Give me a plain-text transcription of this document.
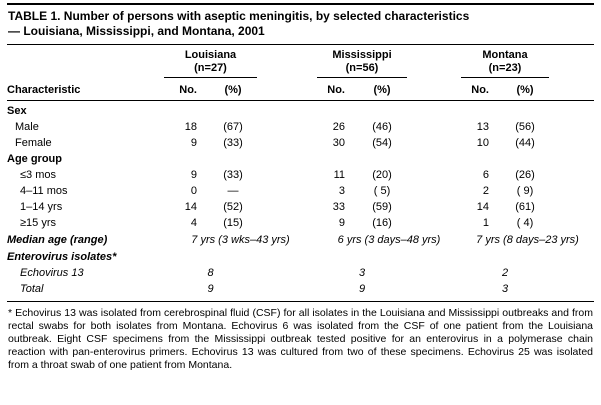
TABLE 1. Number of persons with aseptic meningitis, by selected characteristics
— Louisiana, Mississippi, and Montana, 2001
Louisiana
(n=27)
Mississippi
(n=56)
Montana
(n=23)
Characteristic	No.	(%)	No.	(%)	No.	(%)
Sex
Male	18	(67)	26	(46)	13	(56)
Female	9	(33)	30	(54)	10	(44)
Age group
≤3 mos	9	(33)	11	(20)	6	(26)
4–11 mos	0	—	3	( 5)	2	( 9)
1–14 yrs	14	(52)	33	(59)	14	(61)
≥15 yrs	4	(15)	9	(16)	1	( 4)
Median age (range)	7 yrs (3 wks–43 yrs)	6 yrs (3 days–48 yrs)	7 yrs (8 days–23 yrs)
Enterovirus isolates*
Echovirus 13	8	3	2
Total	9	9	3
* Echovirus 13 was isolated from cerebrospinal fluid (CSF) for all isolates in the Louisiana and Mississippi outbreaks and from rectal swabs for both isolates from Montana. Echovirus 6 was isolated from the CSF of one patient from the Louisiana outbreak. Eight CSF specimens from the Mississippi outbreak tested positive for an enterovirus in a polymerase chain reaction with pan-enterovirus primers. Echovirus 13 was cultured from two of these specimens. Echovirus 25 was isolated from a throat swab of one patient from Montana.
